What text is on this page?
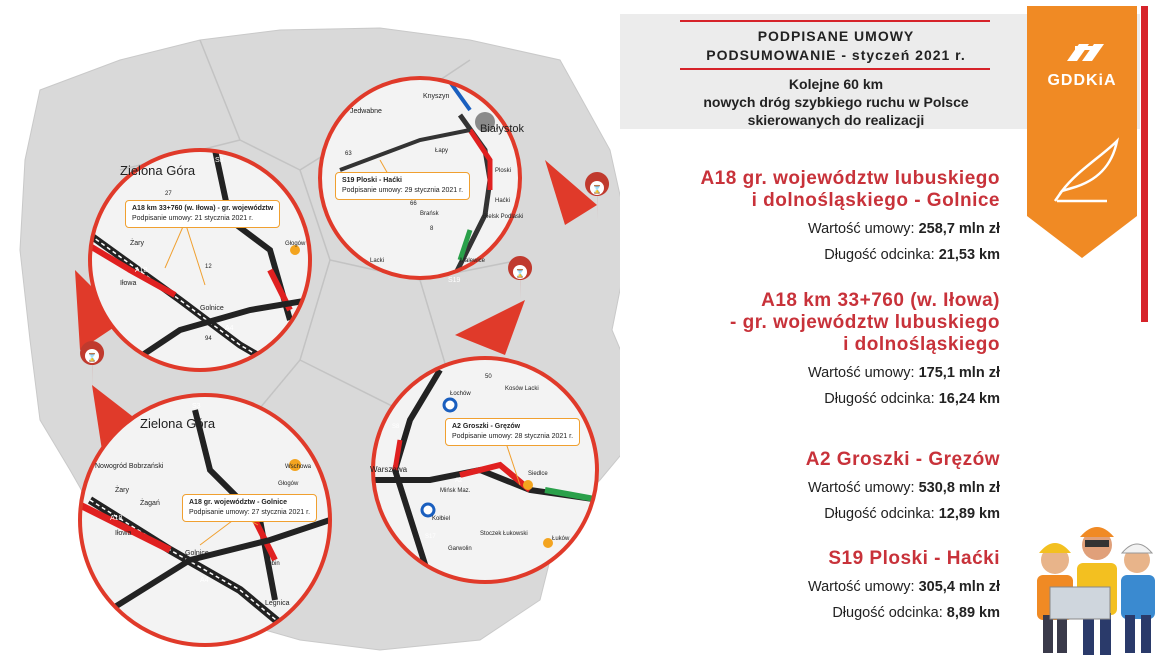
⌛
⌛
⌛
Zielona Góra
Żary
Iłowa
Golnice
Głogów
A18
A4
S3
27
12
94
Jedwabne
Knyszyn
Białystok
Ploski
Haćki
Bielsk Podlaski
Brańsk
Łapy
Malewice
Lacki
S19
63
66
8
Łochów
Kosów Lacki
Mińsk Maz.
Siedlce
Kołbiel
Garwolin
Stoczek Łukowski
Łuków
Warszawa
A2
S8
S17
50
Zielona Góra
Nowogród Bobrzański
Żary
Żagań
Iłowa
Golnice
Wschowa
Głogów
Lubin
Legnica
A18
A4
S3
A18 km 33+760 (w. Iłowa) - gr. województw
Podpisanie umowy: 21 stycznia 2021 r.
S19 Ploski - Haćki
Podpisanie umowy: 29 stycznia 2021 r.
A2 Groszki - Gręzów
Podpisanie umowy: 28 stycznia 2021 r.
A18 gr. województw - Golnice
Podpisanie umowy: 27 stycznia 2021 r.
PODPISANE UMOWY
PODSUMOWANIE - styczeń 2021 r.
Kolejne 60 km
nowych dróg szybkiego ruchu w Polsce
skierowanych do realizacji
GDDKiA
A18 gr. województw lubuskiego
i dolnośląskiego - Golnice
Wartość umowy: 258,7 mln zł
Długość odcinka: 21,53 km
A18 km 33+760 (w. Iłowa)
- gr. województw lubuskiego
i dolnośląskiego
Wartość umowy: 175,1 mln zł
Długość odcinka: 16,24 km
A2 Groszki - Gręzów
Wartość umowy: 530,8 mln zł
Długość odcinka: 12,89 km
S19 Ploski - Haćki
Wartość umowy: 305,4 mln zł
Długość odcinka: 8,89 km
